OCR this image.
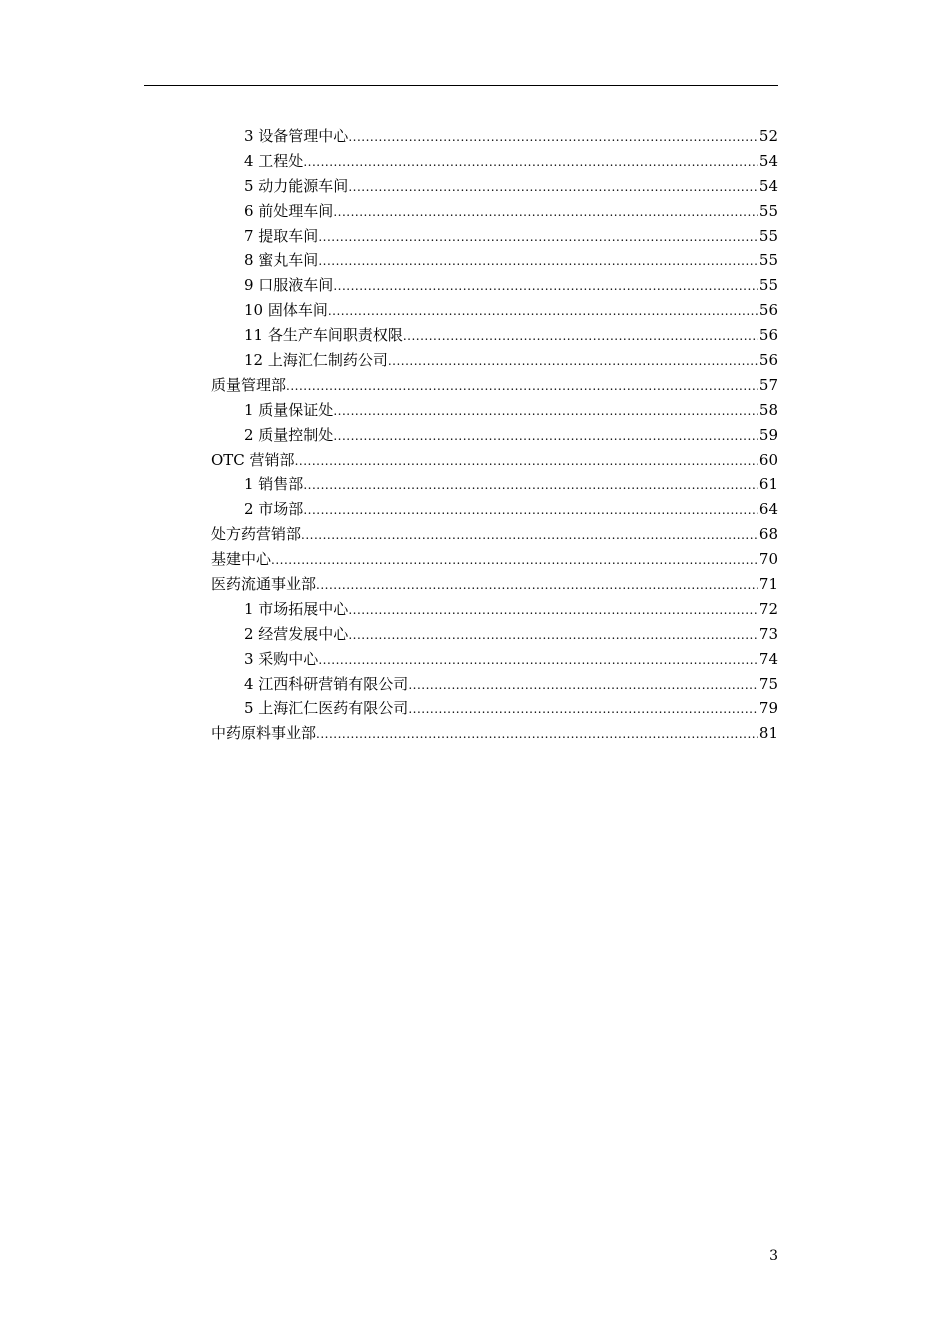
3 设备管理中心 .....	52
4 工程处 .....	54
5 动力能源车间 .....	54
6 前处理车间 .....	55
7 提取车间 .....	55
8 蜜丸车间 .....	55
9 口服液车间 .....	55
10 固体车间 .....	56
11 各生产车间职责权限 .....	56
12 上海汇仁制药公司 .....	56
质量管理部 .....	57
1 质量保证处 .....	58
2 质量控制处 .....	59
OTC 营销部 .....	60
1 销售部 .....	61
2 市场部 .....	64
处方药营销部 .....	68
基建中心 .....	70
医药流通事业部 .....	71
1 市场拓展中心 .....	72
2 经营发展中心 .....	73
3 采购中心 .....	74
4 江西科研营销有限公司 .....	75
5 上海汇仁医药有限公司 .....	79
中药原料事业部 .....	81
3
